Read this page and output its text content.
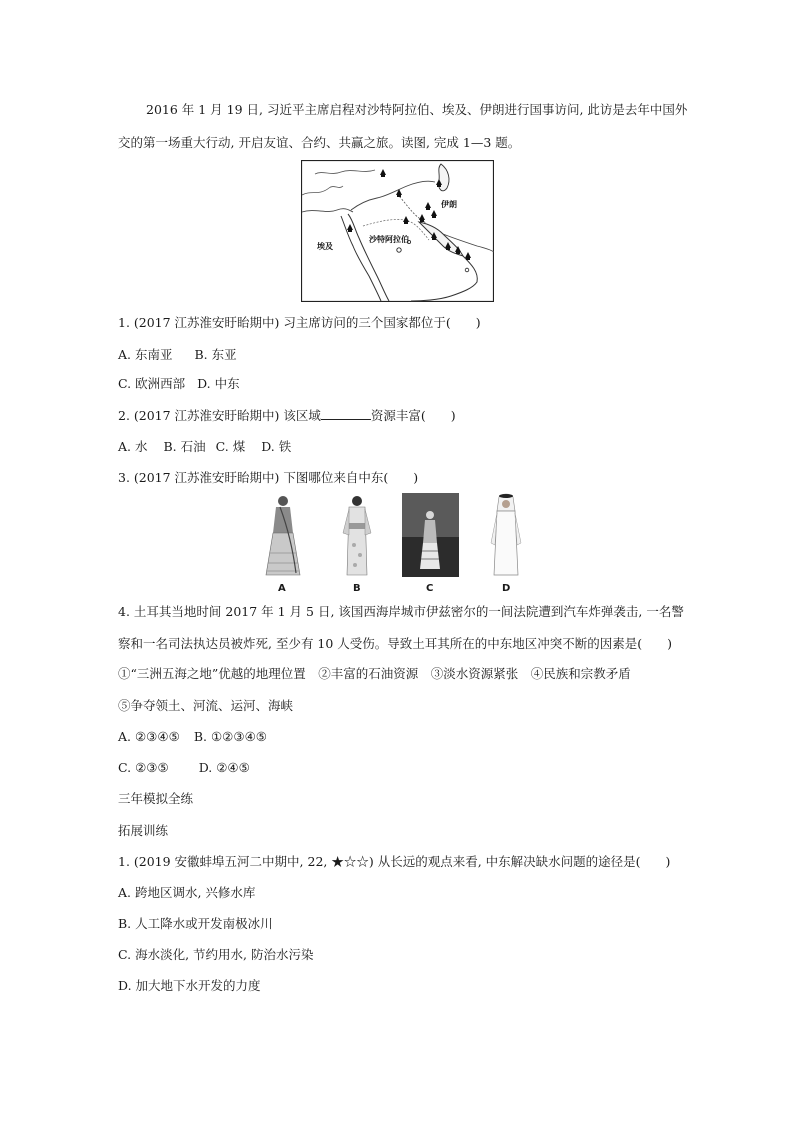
2016 年 1 月 19 日, 习近平主席启程对沙特阿拉伯、埃及、伊朗进行国事访问, 此访是去年中国外
交的第一场重大行动, 开启友谊、合约、共赢之旅。读图, 完成 1—3 题。
伊朗
沙特阿拉伯
埃及
1. (2017 江苏淮安盱眙期中) 习主席访问的三个国家都位于(　　)
A. 东南亚 B. 东亚
C. 欧洲西部 D. 中东
2. (2017 江苏淮安盱眙期中) 该区域	资源丰富(　　)
A. 水 B. 石油 C. 煤 D. 铁
3. (2017 江苏淮安盱眙期中) 下图哪位来自中东(　　)
A	B	C	D
4. 土耳其当地时间 2017 年 1 月 5 日, 该国西海岸城市伊兹密尔的一间法院遭到汽车炸弹袭击, 一名警
察和一名司法执达员被炸死, 至少有 10 人受伤。导致土耳其所在的中东地区冲突不断的因素是(　　)
①“三洲五海之地”优越的地理位置　②丰富的石油资源　③淡水资源紧张　④民族和宗教矛盾
⑤争夺领土、河流、运河、海峡
A. ②③④⑤ B. ①②③④⑤
C. ②③⑤ D. ②④⑤
三年模拟全练
拓展训练
1. (2019 安徽蚌埠五河二中期中, 22, ★☆☆) 从长远的观点来看, 中东解决缺水问题的途径是(　　)
A. 跨地区调水, 兴修水库
B. 人工降水或开发南极冰川
C. 海水淡化, 节约用水, 防治水污染
D. 加大地下水开发的力度
